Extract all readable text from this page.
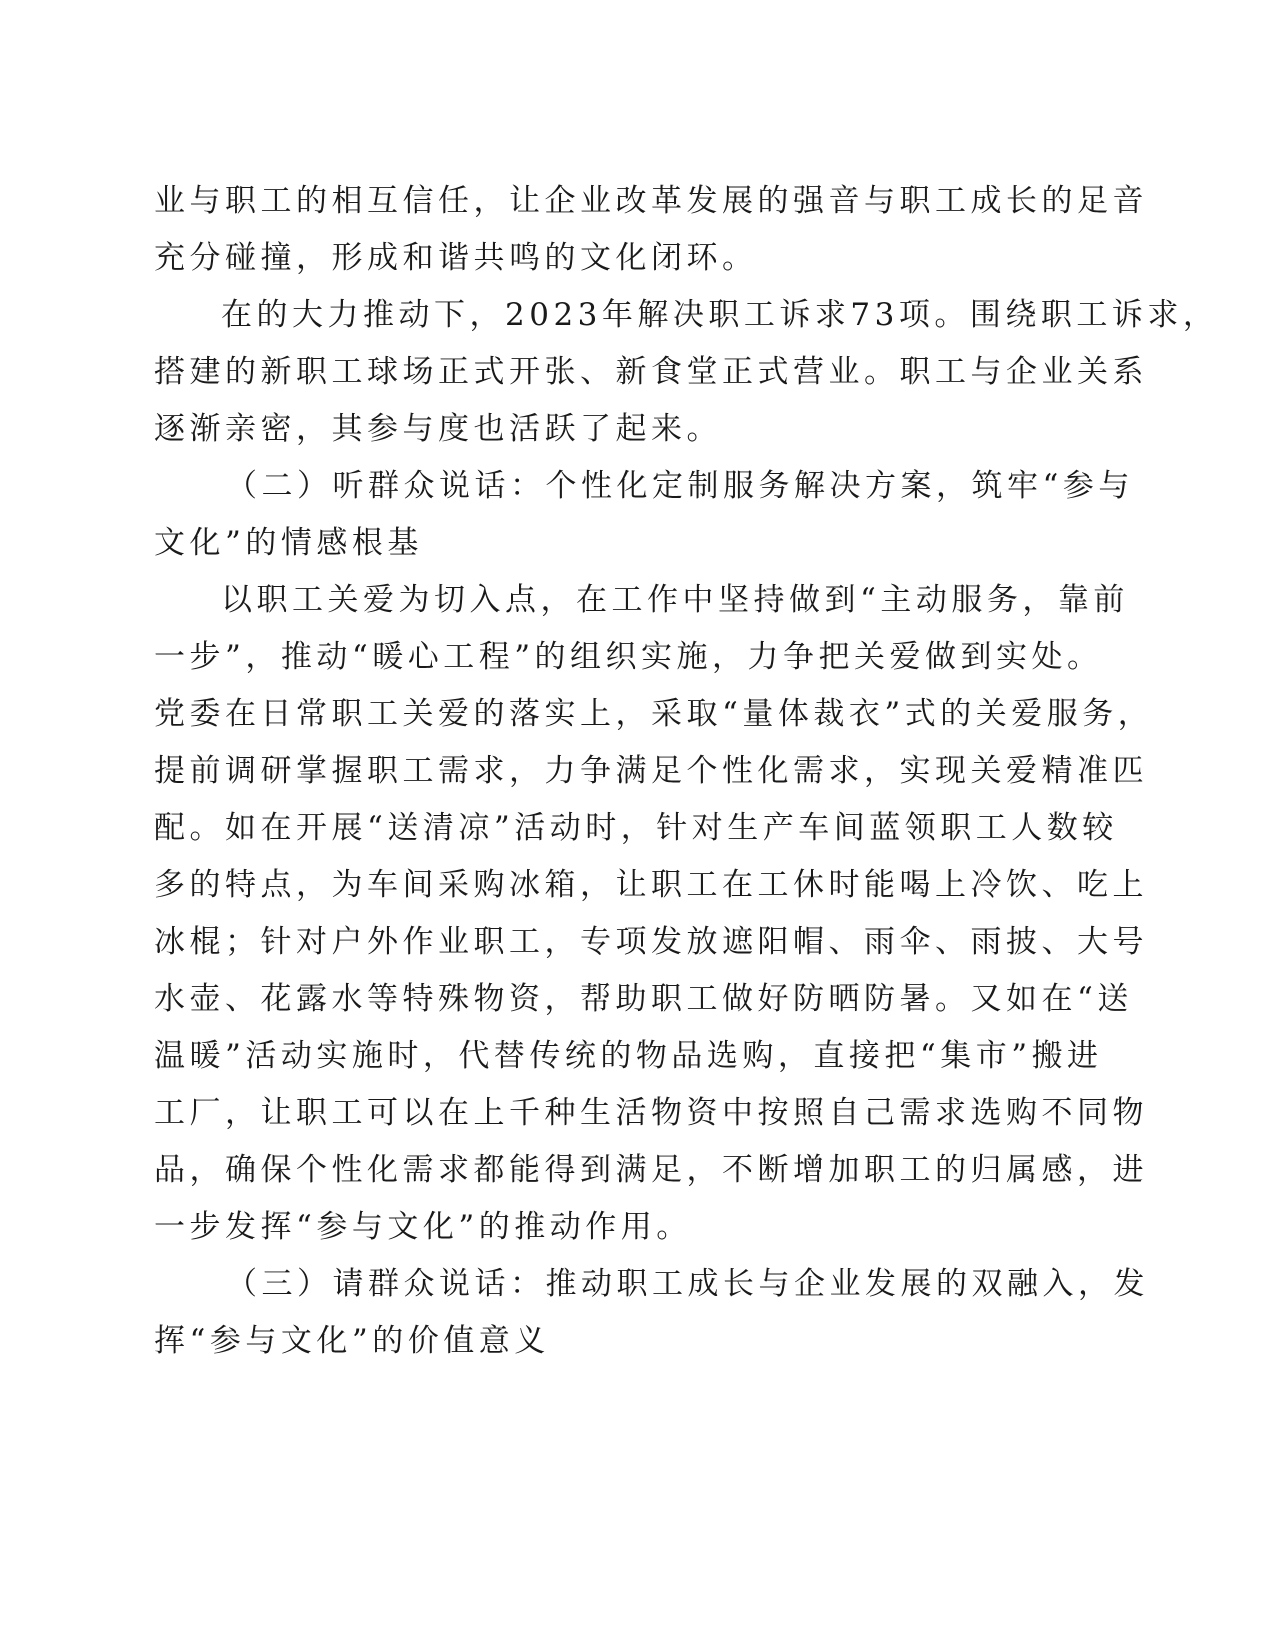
业与职工的相互信任，让企业改革发展的强音与职工成长的足音
充分碰撞，形成和谐共鸣的文化闭环。
在的大力推动下，2023年解决职工诉求73项。围绕职工诉求，
搭建的新职工球场正式开张、新食堂正式营业。职工与企业关系
逐渐亲密，其参与度也活跃了起来。
（二）听群众说话：个性化定制服务解决方案，筑牢“参与
文化”的情感根基
以职工关爱为切入点，在工作中坚持做到“主动服务，靠前
一步”，推动“暖心工程”的组织实施，力争把关爱做到实处。
党委在日常职工关爱的落实上，采取“量体裁衣”式的关爱服务，
提前调研掌握职工需求，力争满足个性化需求，实现关爱精准匹
配。如在开展“送清凉”活动时，针对生产车间蓝领职工人数较
多的特点，为车间采购冰箱，让职工在工休时能喝上冷饮、吃上
冰棍；针对户外作业职工，专项发放遮阳帽、雨伞、雨披、大号
水壶、花露水等特殊物资，帮助职工做好防晒防暑。又如在“送
温暖”活动实施时，代替传统的物品选购，直接把“集市”搬进
工厂，让职工可以在上千种生活物资中按照自己需求选购不同物
品，确保个性化需求都能得到满足，不断增加职工的归属感，进
一步发挥“参与文化”的推动作用。
（三）请群众说话：推动职工成长与企业发展的双融入，发
挥“参与文化”的价值意义
